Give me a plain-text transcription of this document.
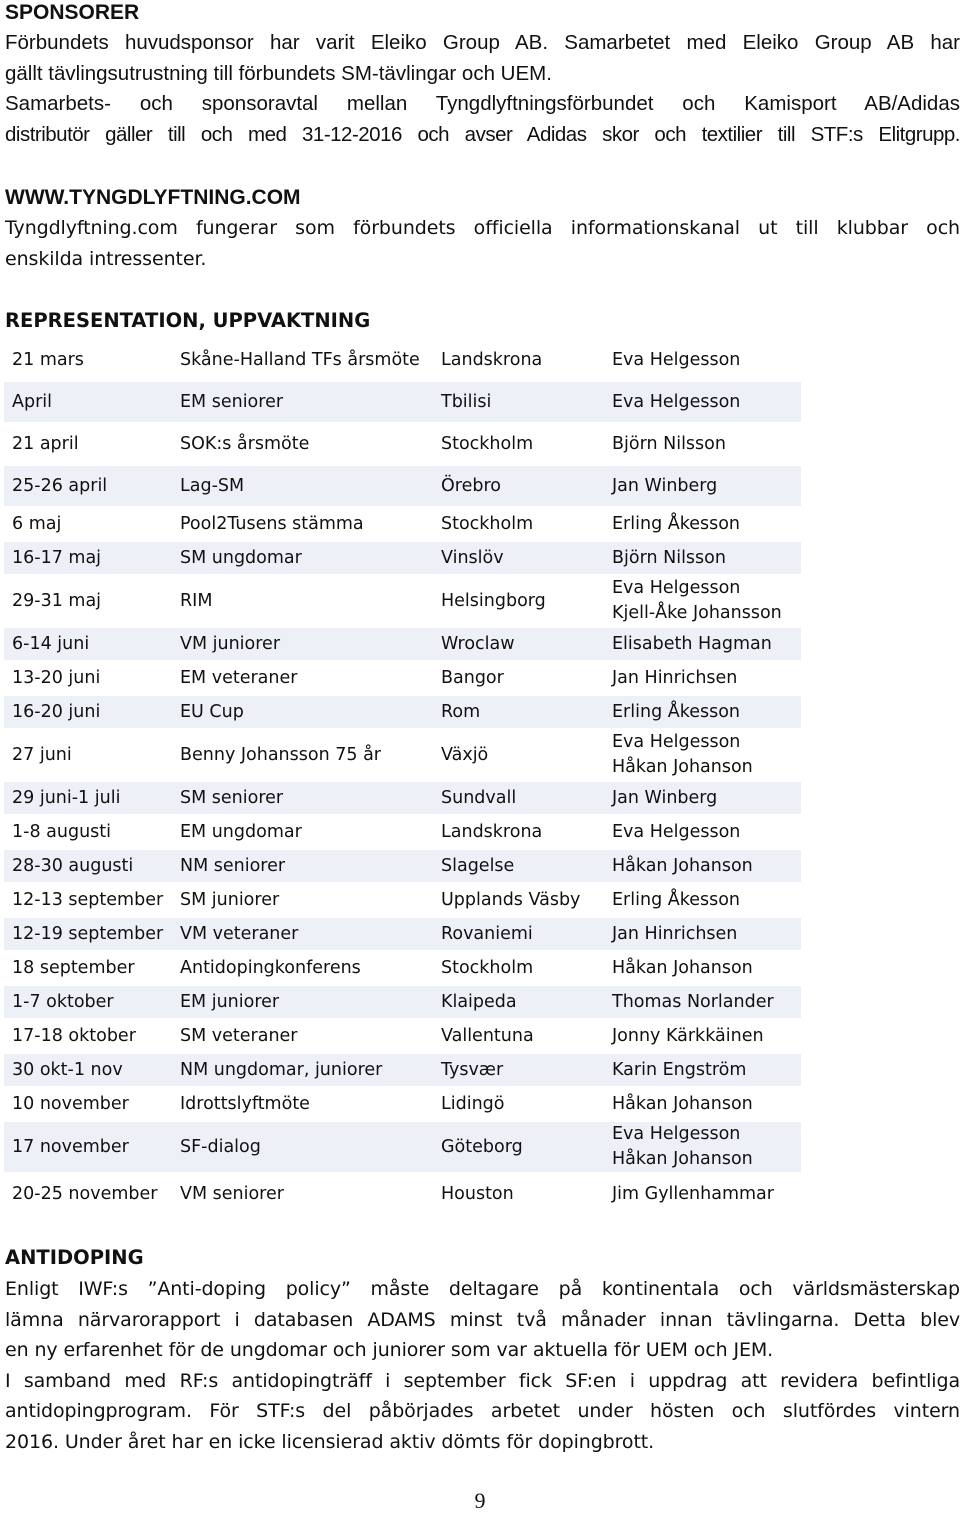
SPONSORER
Förbundets huvudsponsor har varit Eleiko Group AB. Samarbetet med Eleiko Group AB har
gällt tävlingsutrustning till förbundets SM-tävlingar och UEM.
Samarbets- och sponsoravtal mellan Tyngdlyftningsförbundet och Kamisport AB/Adidas
distributör gäller till och med 31-12-2016 och avser Adidas skor och textilier till STF:s Elitgrupp.
WWW.TYNGDLYFTNING.COM
Tyngdlyftning.com fungerar som förbundets officiella informationskanal ut till klubbar och
enskilda intressenter.
REPRESENTATION, UPPVAKTNING
21 mars	Skåne-Halland TFs årsmöte	Landskrona	Eva Helgesson

April	EM seniorer	Tbilisi	Eva Helgesson

21 april	SOK:s årsmöte	Stockholm	Björn Nilsson

25-26 april	Lag-SM	Örebro	Jan Winberg

6 maj	Pool2Tusens stämma	Stockholm	Erling Åkesson

16-17 maj	SM ungdomar	Vinslöv	Björn Nilsson

29-31 maj	RIM	Helsingborg	Eva Helgesson
Kjell-Åke Johansson

6-14 juni	VM juniorer	Wroclaw	Elisabeth Hagman

13-20 juni	EM veteraner	Bangor	Jan Hinrichsen

16-20 juni	EU Cup	Rom	Erling Åkesson

27 juni	Benny Johansson 75 år	Växjö	Eva Helgesson
Håkan Johanson

29 juni-1 juli	SM seniorer	Sundvall	Jan Winberg

1-8 augusti	EM ungdomar	Landskrona	Eva Helgesson

28-30 augusti	NM seniorer	Slagelse	Håkan Johanson

12-13 september	SM juniorer	Upplands Väsby	Erling Åkesson

12-19 september	VM veteraner	Rovaniemi	Jan Hinrichsen

18 september	Antidopingkonferens	Stockholm	Håkan Johanson

1-7 oktober	EM juniorer	Klaipeda	Thomas Norlander

17-18 oktober	SM veteraner	Vallentuna	Jonny Kärkkäinen

30 okt-1 nov	NM ungdomar, juniorer	Tysvær	Karin Engström

10 november	Idrottslyftmöte	Lidingö	Håkan Johanson

17 november	SF-dialog	Göteborg	Eva Helgesson
Håkan Johanson

20-25 november	VM seniorer	Houston	Jim Gyllenhammar
ANTIDOPING
Enligt IWF:s ”Anti-doping policy” måste deltagare på kontinentala och världsmästerskap
lämna närvarorapport i databasen ADAMS minst två månader innan tävlingarna. Detta blev
en ny erfarenhet för de ungdomar och juniorer som var aktuella för UEM och JEM.
I samband med RF:s antidopingträff i september fick SF:en i uppdrag att revidera befintliga
antidopingprogram. För STF:s del påbörjades arbetet under hösten och slutfördes vintern
2016. Under året har en icke licensierad aktiv dömts för dopingbrott.
9
